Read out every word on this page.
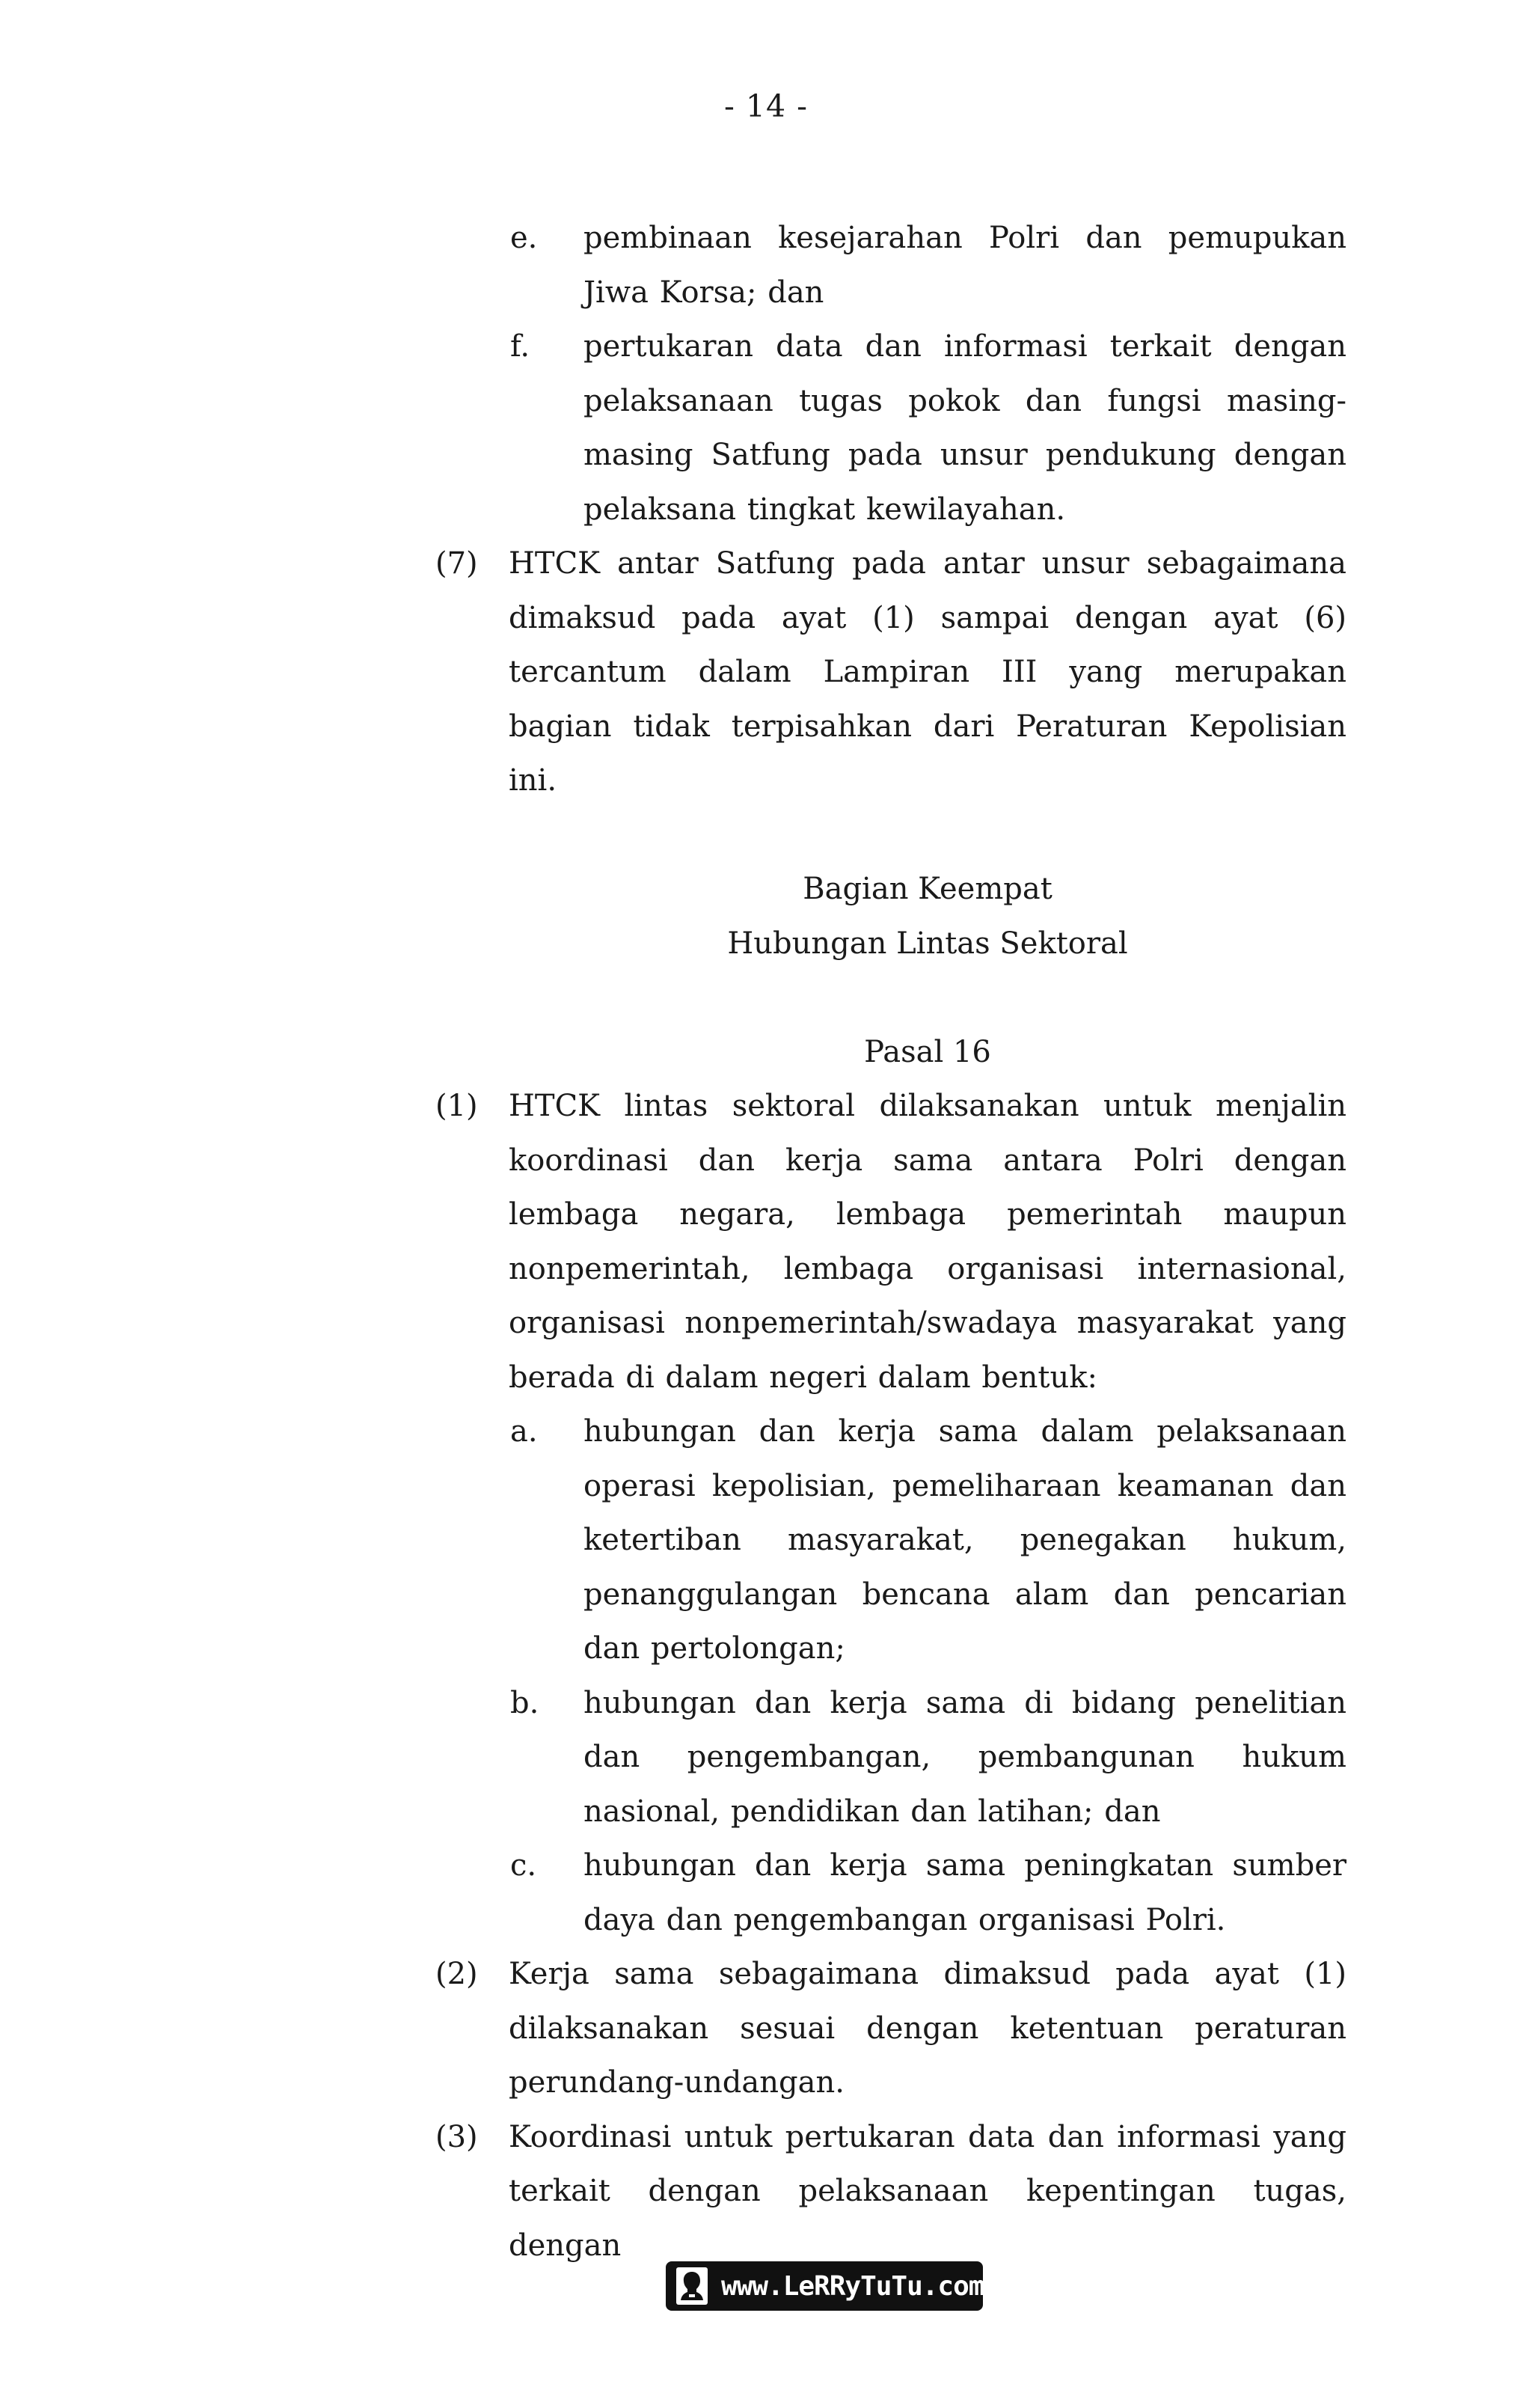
- 14 -
e. pembinaan kesejarahan Polri dan pemupukan Jiwa Korsa; dan
f. pertukaran data dan informasi terkait dengan pelaksanaan tugas pokok dan fungsi masing-masing Satfung pada unsur pendukung dengan pelaksana tingkat kewilayahan.
(7) HTCK antar Satfung pada antar unsur sebagaimana dimaksud pada ayat (1) sampai dengan ayat (6) tercantum dalam Lampiran III yang merupakan bagian tidak terpisahkan dari Peraturan Kepolisian ini.
Bagian Keempat
Hubungan Lintas Sektoral
Pasal 16
(1) HTCK lintas sektoral dilaksanakan untuk menjalin koordinasi dan kerja sama antara Polri dengan lembaga negara, lembaga pemerintah maupun nonpemerintah, lembaga organisasi internasional, organisasi nonpemerintah/swadaya masyarakat yang berada di dalam negeri dalam bentuk:
a. hubungan dan kerja sama dalam pelaksanaan operasi kepolisian, pemeliharaan keamanan dan ketertiban masyarakat, penegakan hukum, penanggulangan bencana alam dan pencarian dan pertolongan;
b. hubungan dan kerja sama di bidang penelitian dan pengembangan, pembangunan hukum nasional, pendidikan dan latihan; dan
c. hubungan dan kerja sama peningkatan sumber daya dan pengembangan organisasi Polri.
(2) Kerja sama sebagaimana dimaksud pada ayat (1) dilaksanakan sesuai dengan ketentuan peraturan perundang-undangan.
(3) Koordinasi untuk pertukaran data dan informasi yang terkait dengan pelaksanaan kepentingan tugas, dengan
www.LeRRyTuTu.com
